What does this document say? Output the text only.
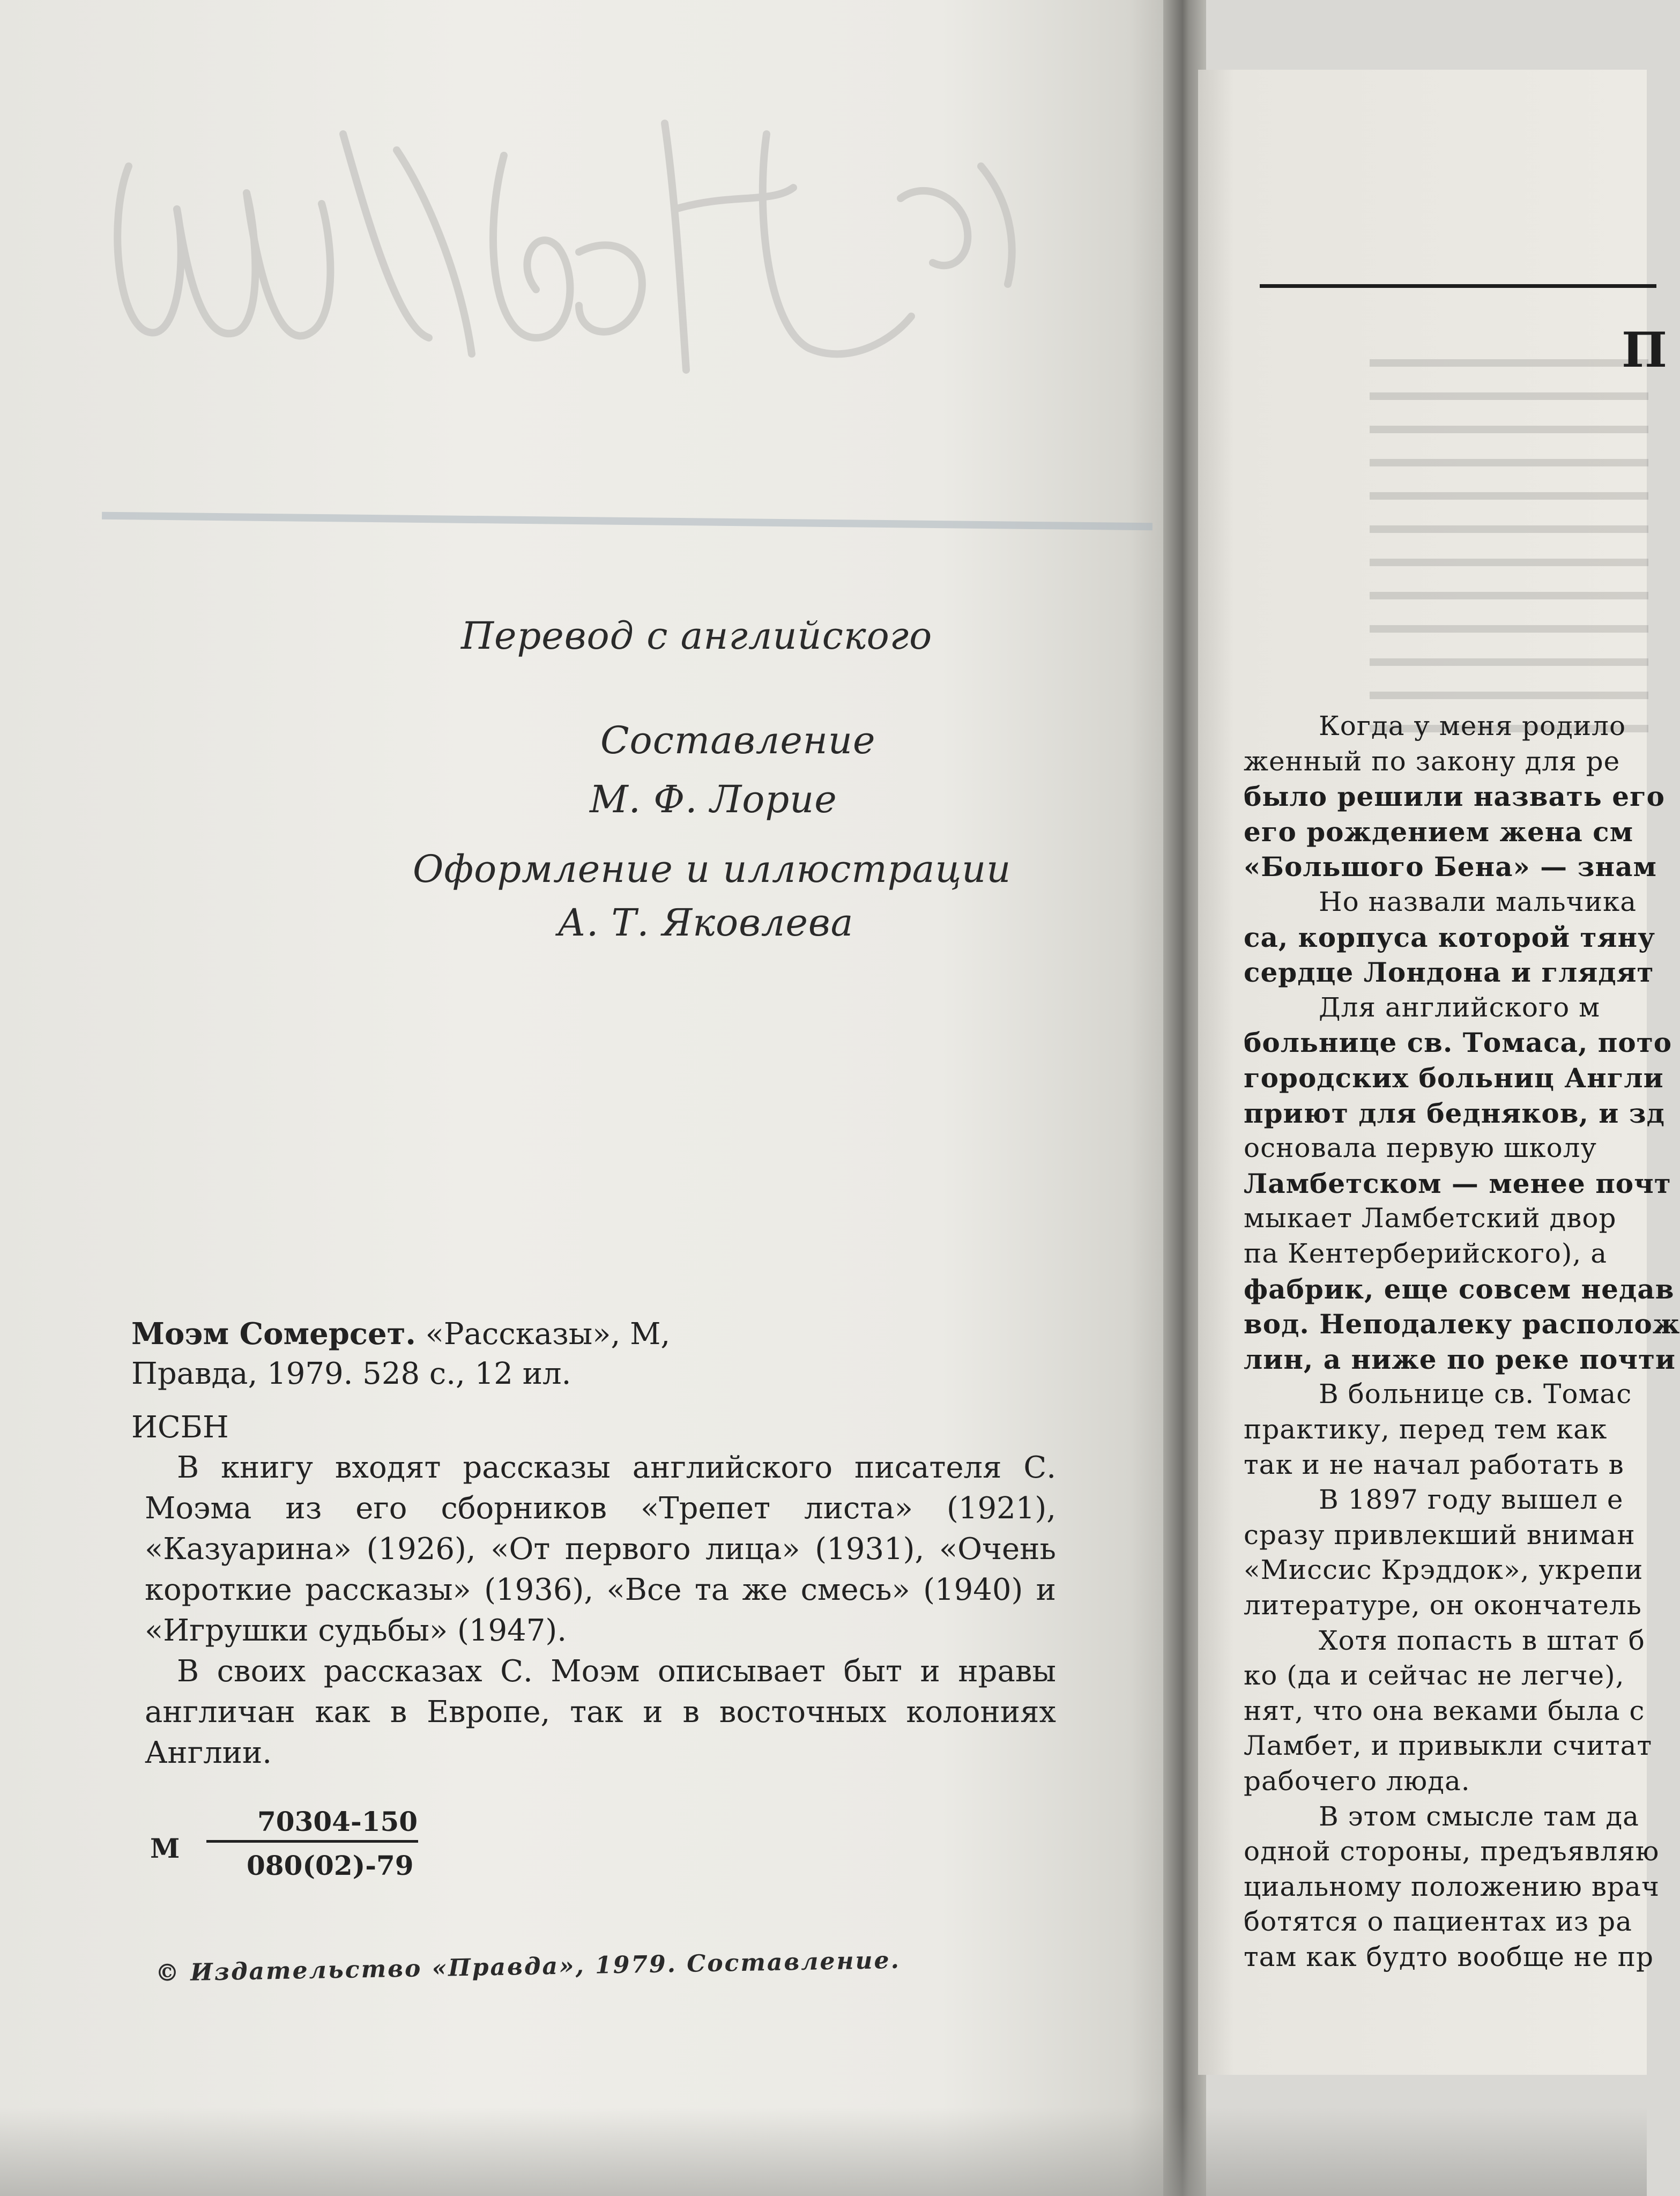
Перевод с английского
Составление
М. Ф. Лорие
Оформление и иллюстрации
А. Т. Яковлева
Моэм Сомерсет. «Рассказы», М,
Правда, 1979. 528 с., 12 ил.
ИСБН

В книгу входят рассказы английского писателя С. Моэма из его сборников «Трепет листа» (1921), «Казуарина» (1926), «От первого лица» (1931), «Очень короткие рассказы» (1936), «Все та же смесь» (1940) и «Игрушки судьбы» (1947).

В своих рассказах С. Моэм описывает быт и нравы англичан как в Европе, так и в восточных колониях Англии.

М
70304-150
080(02)-79
© Издательство «Правда», 1979. Составление.
П
Когда у меня родило
женный по закону для ре
было решили назвать его
его рождением жена см
«Большого Бена» — знам
Но назвали мальчика
са, корпуса которой тяну
сердце Лондона и глядят
Для английского м
больнице св. Томаса, пото
городских больниц Англи
приют для бедняков, и зд
основала первую школу
Ламбетском — менее почт
мыкает Ламбетский двор
па Кентерберийского), а
фабрик, еще совсем недав
вод. Неподалеку располож
лин, а ниже по реке почти
В больнице св. Томас
практику, перед тем как
так и не начал работать в
В 1897 году вышел е
сразу привлекший вниман
«Миссис Крэддок», укрепи
литературе, он окончатель
Хотя попасть в штат б
ко (да и сейчас не легче),
нят, что она веками была с
Ламбет, и привыкли считат
рабочего люда.
В этом смысле там да
одной стороны, предъявляю
циальному положению врач
ботятся о пациентах из ра
там как будто вообще не пр
